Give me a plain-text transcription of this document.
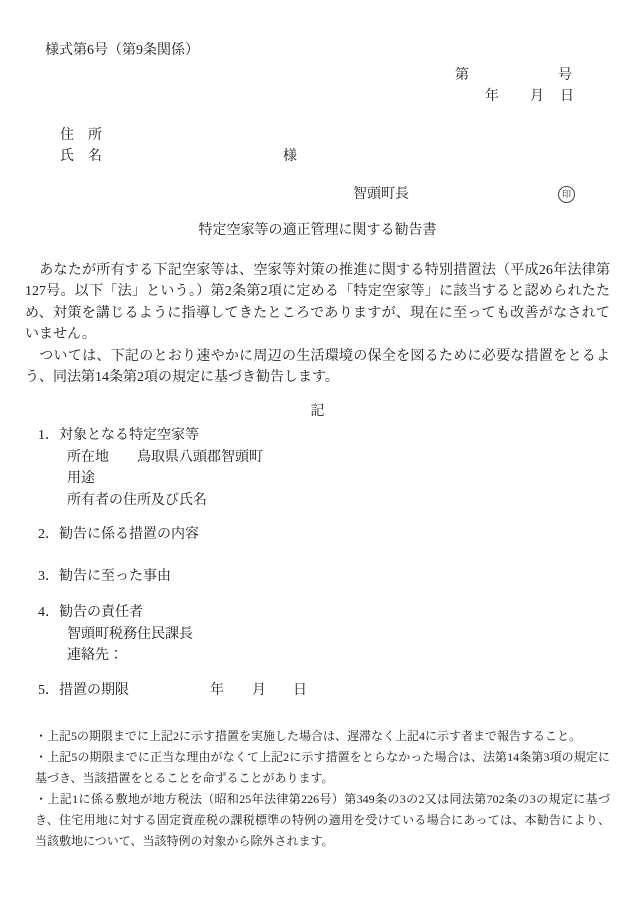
様式第6号（第9条関係）
第	号
年 月 日
住　所
氏　名	様
智頭町長	印
特定空家等の適正管理に関する勧告書

　あなたが所有する下記空家等は、空家等対策の推進に関する特別措置法（平成26年法律第127号。以下「法」という。）第2条第2項に定める「特定空家等」に該当すると認められたため、対策を講じるように指導してきたところでありますが、現在に至っても改善がなされていません。

　ついては、下記のとおり速やかに周辺の生活環境の保全を図るために必要な措置をとるよう、同法第14条第2項の規定に基づき勧告します。

記
1．対象となる特定空家等
所在地 鳥取県八頭郡智頭町
用途
所有者の住所及び氏名
2．勧告に係る措置の内容
3．勧告に至った事由
4．勧告の責任者
智頭町税務住民課長
連絡先：
5．措置の期限	年 月 日

・上記5の期限までに上記2に示す措置を実施した場合は、遅滞なく上記4に示す者まで報告すること。

・上記5の期限までに正当な理由がなくて上記2に示す措置をとらなかった場合は、法第14条第3項の規定に基づき、当該措置をとることを命ずることがあります。

・上記1に係る敷地が地方税法（昭和25年法律第226号）第349条の3の2又は同法第702条の3の規定に基づき、住宅用地に対する固定資産税の課税標準の特例の適用を受けている場合にあっては、本勧告により、当該敷地について、当該特例の対象から除外されます。
